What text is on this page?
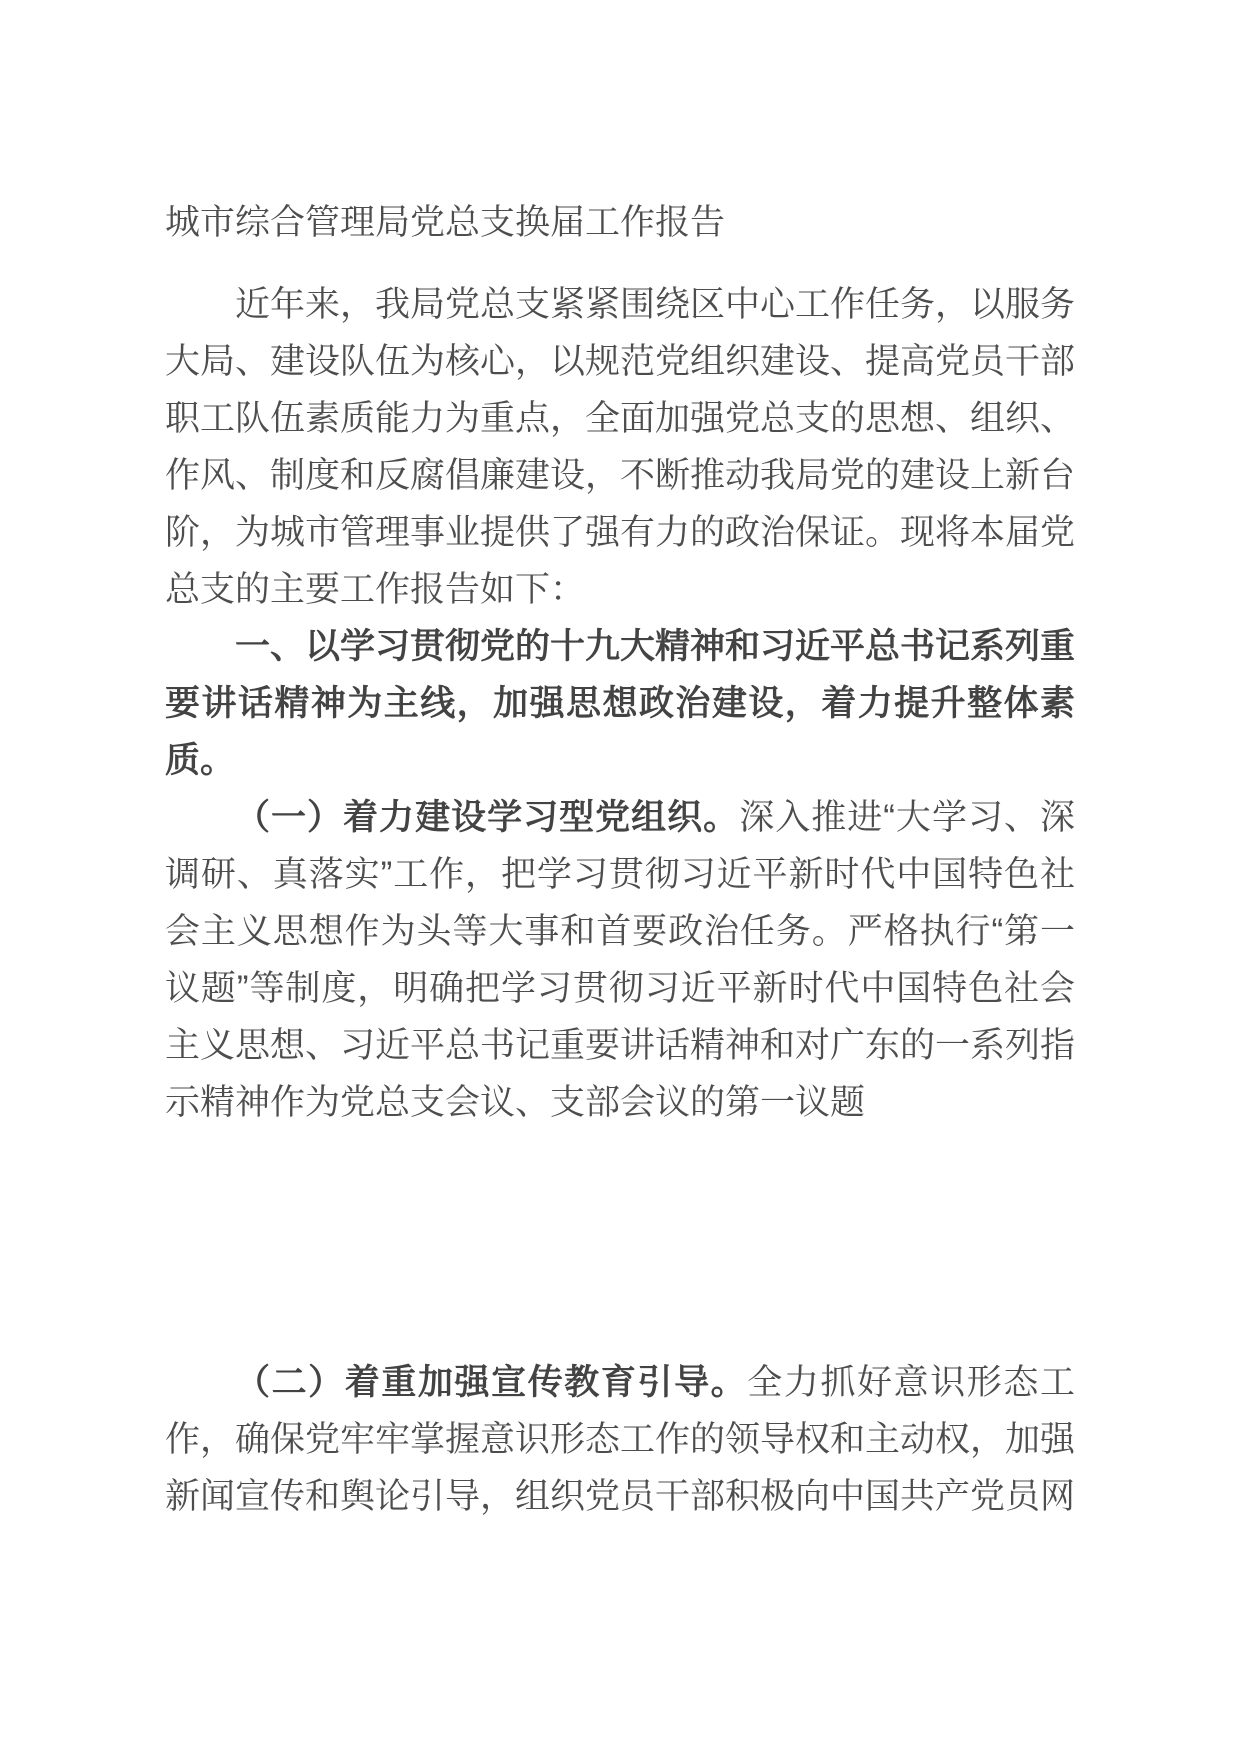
城市综合管理局党总支换届工作报告

近年来，我局党总支紧紧围绕区中心工作任务，以服务大局、建设队伍为核心，以规范党组织建设、提高党员干部职工队伍素质能力为重点，全面加强党总支的思想、组织、作风、制度和反腐倡廉建设，不断推动我局党的建设上新台阶，为城市管理事业提供了强有力的政治保证。现将本届党总支的主要工作报告如下：

一、以学习贯彻党的十九大精神和习近平总书记系列重要讲话精神为主线，加强思想政治建设，着力提升整体素质。

（一）着力建设学习型党组织。深入推进“大学习、深调研、真落实”工作，把学习贯彻习近平新时代中国特色社会主义思想作为头等大事和首要政治任务。严格执行“第一议题”等制度，明确把学习贯彻习近平新时代中国特色社会主义思想、习近平总书记重要讲话精神和对广东的一系列指示精神作为党总支会议、支部会议的第一议题

（二）着重加强宣传教育引导。全力抓好意识形态工作，确保党牢牢掌握意识形态工作的领导权和主动权，加强新闻宣传和舆论引导，组织党员干部积极向中国共产党员网
